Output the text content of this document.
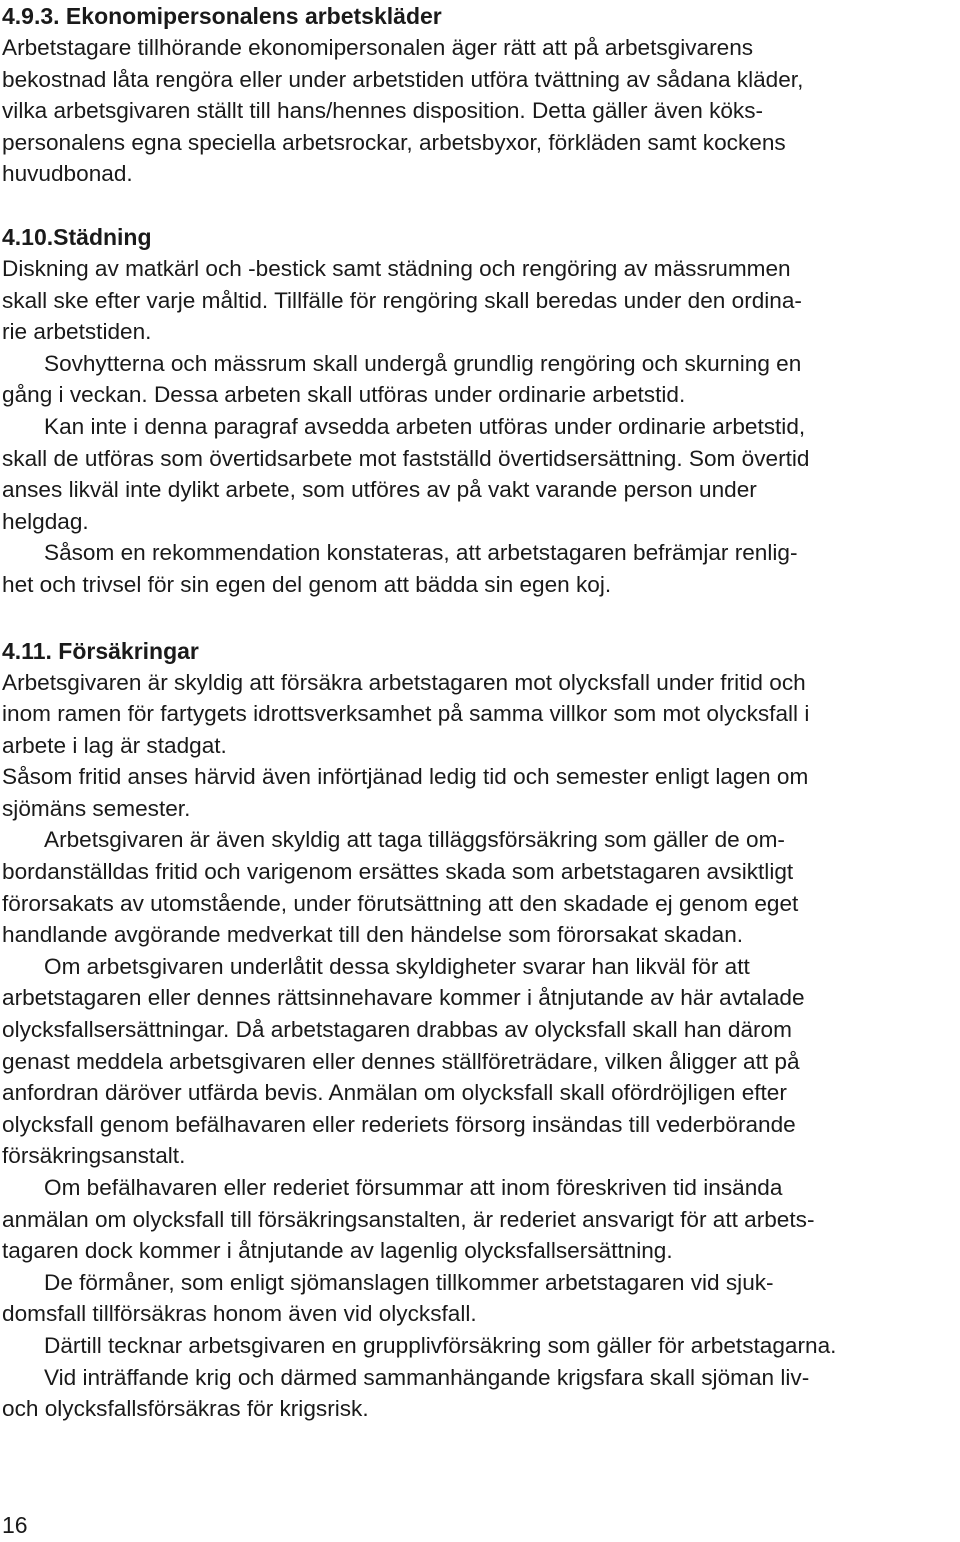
4.9.3. Ekonomipersonalens arbetskläder

Arbetstagare tillhörande ekonomipersonalen äger rätt att på arbetsgivarens
bekostnad låta rengöra eller under arbetstiden utföra tvättning av sådana kläder,
vilka arbetsgivaren ställt till hans/hennes disposition. Detta gäller även köks-
personalens egna speciella arbetsrockar, arbetsbyxor, förkläden samt kockens
huvudbonad.

4.10.Städning

Diskning av matkärl och -bestick samt städning och rengöring av mässrummen
skall ske efter varje måltid. Tillfälle för rengöring skall beredas under den ordina-
rie arbetstiden.

Sovhytterna och mässrum skall undergå grundlig rengöring och skurning en
gång i veckan. Dessa arbeten skall utföras under ordinarie arbetstid.

Kan inte i denna paragraf avsedda arbeten utföras under ordinarie arbetstid,
skall de utföras som övertidsarbete mot fastställd övertidsersättning. Som övertid
anses likväl inte dylikt arbete, som utföres av på vakt varande person under
helgdag.

Såsom en rekommendation konstateras, att arbetstagaren befrämjar renlig-
het och trivsel för sin egen del genom att bädda sin egen koj.

4.11. Försäkringar

Arbetsgivaren är skyldig att försäkra arbetstagaren mot olycksfall under fritid och
inom ramen för fartygets idrottsverksamhet på samma villkor som mot olycksfall i
arbete i lag är stadgat.

Såsom fritid anses härvid även införtjänad ledig tid och semester enligt lagen om
sjömäns semester.

Arbetsgivaren är även skyldig att taga tilläggsförsäkring som gäller de om-
bordanställdas fritid och varigenom ersättes skada som arbetstagaren avsiktligt
förorsakats av utomstående, under förutsättning att den skadade ej genom eget
handlande avgörande medverkat till den händelse som förorsakat skadan.

Om arbetsgivaren underlåtit dessa skyldigheter svarar han likväl för att
arbetstagaren eller dennes rättsinnehavare kommer i åtnjutande av här avtalade
olycksfallsersättningar. Då arbetstagaren drabbas av olycksfall skall han därom
genast meddela arbetsgivaren eller dennes ställföreträdare, vilken åligger att på
anfordran däröver utfärda bevis. Anmälan om olycksfall skall ofördröjligen efter
olycksfall genom befälhavaren eller rederiets försorg insändas till vederbörande
försäkringsanstalt.

Om befälhavaren eller rederiet försummar att inom föreskriven tid insända
anmälan om olycksfall till försäkringsanstalten, är rederiet ansvarigt för att arbets-
tagaren dock kommer i åtnjutande av lagenlig olycksfallsersättning.

De förmåner, som enligt sjömanslagen tillkommer arbetstagaren vid sjuk-
domsfall tillförsäkras honom även vid olycksfall.

Därtill tecknar arbetsgivaren en grupplivförsäkring som gäller för arbetstagarna.

Vid inträffande krig och därmed sammanhängande krigsfara skall sjöman liv-
och olycksfallsförsäkras för krigsrisk.

16
